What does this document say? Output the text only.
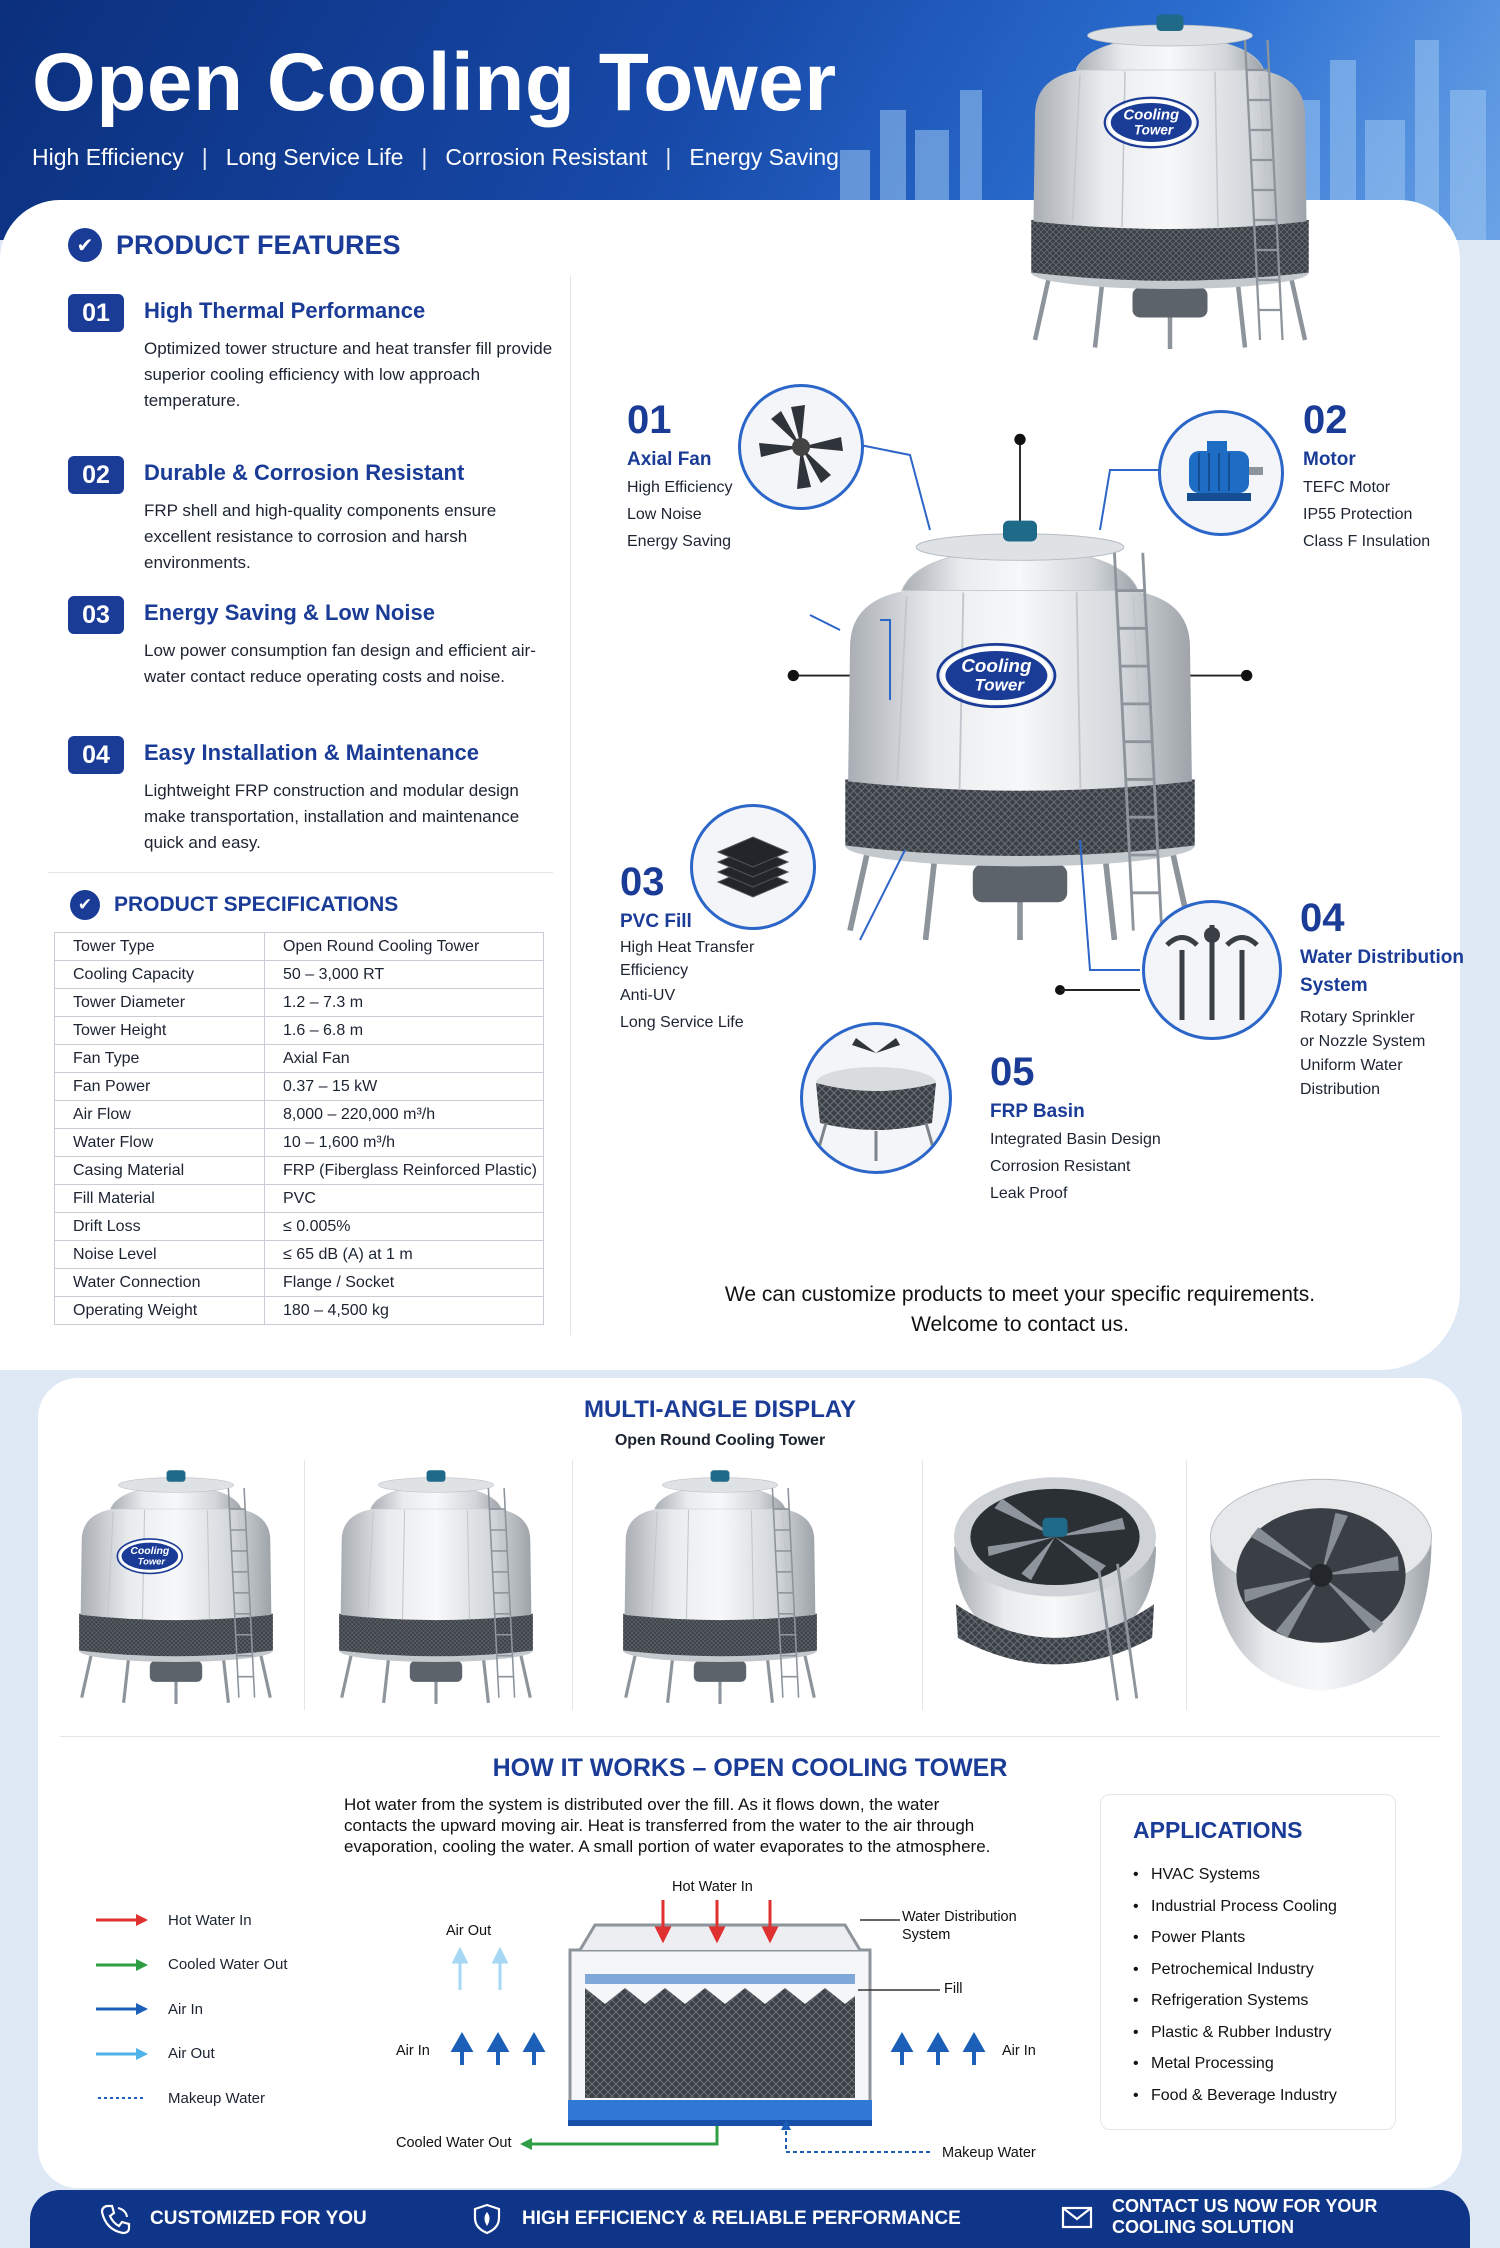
Open Cooling Tower
High Efficiency | Long Service Life | Corrosion Resistant | Energy Saving
Cooling
Tower
✔ PRODUCT FEATURES
01	High Thermal Performance
Optimized tower structure and heat transfer fill provide superior cooling efficiency with low approach temperature.
02	Durable & Corrosion Resistant
FRP shell and high-quality components ensure excellent resistance to corrosion and harsh environments.
03	Energy Saving & Low Noise
Low power consumption fan design and efficient air-water contact reduce operating costs and noise.
04	Easy Installation & Maintenance
Lightweight FRP construction and modular design make transportation, installation and maintenance quick and easy.
✔	PRODUCT SPECIFICATIONS
Tower Type	Open Round Cooling Tower
Cooling Capacity	50 – 3,000 RT
Tower Diameter	1.2 – 7.3 m
Tower Height	1.6 – 6.8 m
Fan Type	Axial Fan
Fan Power	0.37 – 15 kW
Air Flow	8,000 – 220,000 m³/h
Water Flow	10 – 1,600 m³/h
Casing Material	FRP (Fiberglass Reinforced Plastic)
Fill Material	PVC
Drift Loss	≤ 0.005%
Noise Level	≤ 65 dB (A) at 1 m
Water Connection	Flange / Socket
Operating Weight	180 – 4,500 kg
Cooling
Tower
01
Axial Fan
High Efficiency
Low Noise
Energy Saving
02
Motor
TEFC Motor
IP55 Protection
Class F Insulation
03
PVC Fill
High Heat Transfer
Efficiency
Anti-UV
Long Service Life
04
Water Distribution
System
Rotary Sprinkler
or Nozzle System
Uniform Water
Distribution
05
FRP Basin
Integrated Basin Design
Corrosion Resistant
Leak Proof
We can customize products to meet your specific requirements.
Welcome to contact us.
MULTI-ANGLE DISPLAY
Open Round Cooling Tower
Cooling
Tower
HOW IT WORKS – OPEN COOLING TOWER
Hot water from the system is distributed over the fill. As it flows down, the water contacts the upward moving air. Heat is transferred from the water to the air through evaporation, cooling the water. A small portion of water evaporates to the atmosphere.
Hot Water In
Cooled Water Out
Air In
Air Out
Makeup Water
Hot Water In
Air Out
Water Distribution System
Fill
Air In	Air In
Cooled Water Out
Makeup Water
APPLICATIONS
• HVAC Systems
• Industrial Process Cooling
• Power Plants
• Petrochemical Industry
• Refrigeration Systems
• Plastic & Rubber Industry
• Metal Processing
• Food & Beverage Industry
CUSTOMIZED FOR YOU	HIGH EFFICIENCY & RELIABLE PERFORMANCE
CONTACT US NOW FOR YOUR
COOLING SOLUTION
